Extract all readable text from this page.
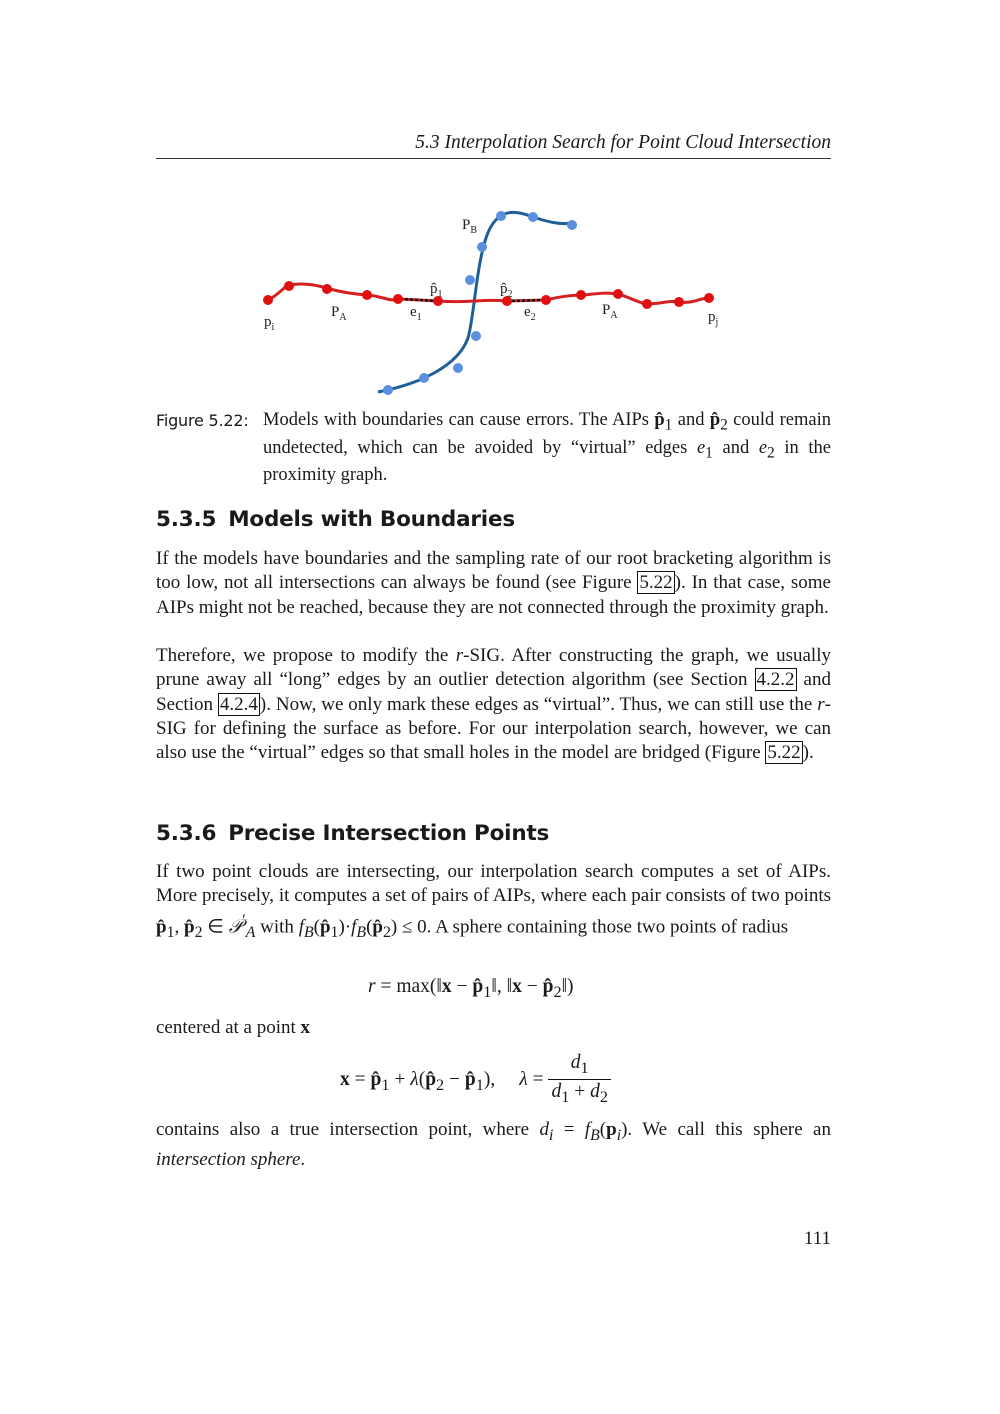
5.3 Interpolation Search for Point Cloud Intersection
$P_B$
$p_i$
$P_A$	$e_1$
$p̂_1$	$p̂_2$
$e_2$	$P_A$	$p_j$
Figure 5.22: Models with boundaries can cause errors. The AIPs $p̂_1$ and $p̂_2$ could remain undetected, which can be avoided by “virtual” edges $e_1$ and $e_2$ in the proximity graph.
5.3.5 Models with Boundaries

If the models have boundaries and the sampling rate of our root bracketing algorithm is too low, not all intersections can always be found (see Figure 5.22 ). In that case, some AIPs might not be reached, because they are not connected through the proximity graph.

Therefore, we propose to modify the r-SIG. After constructing the graph, we usually prune away all “long” edges by an outlier detection algorithm (see Section 4.2.2 and Section 4.2.4 ). Now, we only mark these edges as “virtual”. Thus, we can still use the r-SIG for defining the surface as before. For our interpolation search, however, we can also use the “virtual” edges so that small holes in the model are bridged (Figure 5.22 ).

5.3.6 Precise Intersection Points

If two point clouds are intersecting, our interpolation search computes a set of AIPs. More precisely, it computes a set of pairs of AIPs, where each pair consists of two points $p̂_1$, $p̂_2$ ∈ 𝒫′$_A$ with $f_B(p̂_1)\cdot f_B(p̂_2) \le 0$. A sphere containing those two points of radius

r = max(‖x − $p̂_1‖$, ‖x − $p̂_2‖$)

centered at a point x

$x = p̂_1$ + $\lambda(p̂_2$ − $p̂_1$), $\lambda = \frac{d_1}{d_1 + d_2}$

contains also a true intersection point, where $d_i = f_B(p_i)$. We call this sphere an intersection sphere.

111
